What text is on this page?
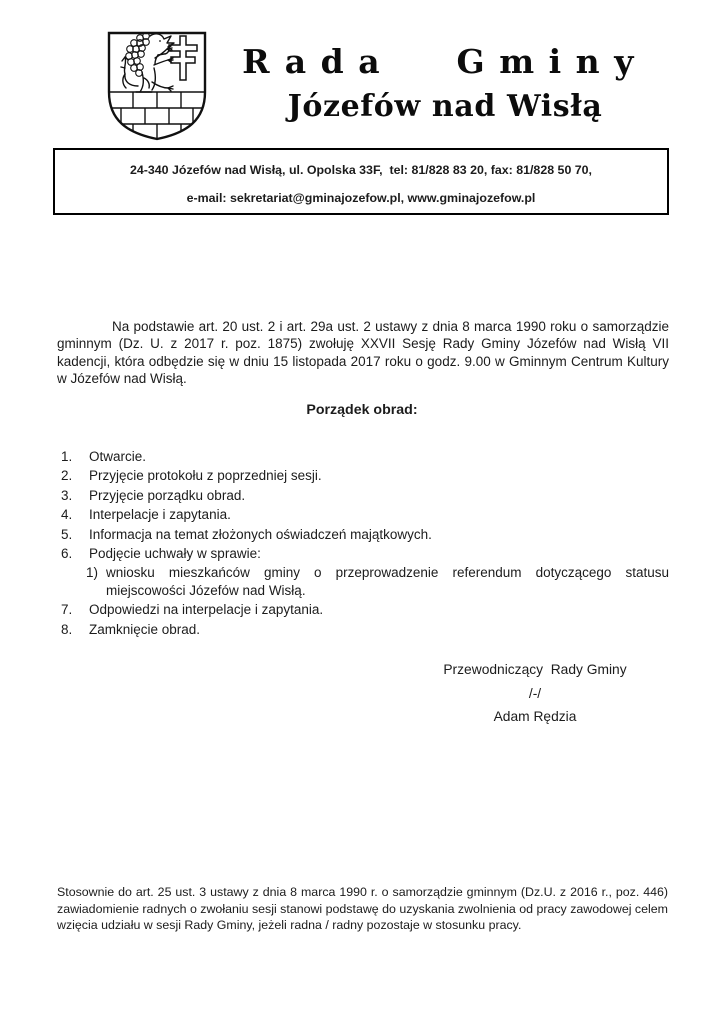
Rada Gminy
Józefów nad Wisłą
24-340 Józefów nad Wisłą, ul. Opolska 33F,  tel: 81/828 83 20, fax: 81/828 50 70,
e-mail: sekretariat@gminajozefow.pl, www.gminajozefow.pl

Na podstawie art. 20 ust. 2 i art. 29a ust. 2 ustawy z dnia 8 marca 1990 roku o samorządzie gminnym (Dz. U. z 2017 r. poz. 1875) zwołuję XXVII Sesję Rady Gminy Józefów nad Wisłą VII kadencji, która odbędzie się w dniu 15 listopada 2017 roku o godz. 9.00 w Gminnym Centrum Kultury w Józefów nad Wisłą.

Porządek obrad:
1.	Otwarcie.
2.	Przyjęcie protokołu z poprzedniej sesji.
3.	Przyjęcie porządku obrad.
4.	Interpelacje i zapytania.
5.	Informacja na temat złożonych oświadczeń majątkowych.
6.	Podjęcie uchwały w sprawie:
1) wniosku mieszkańców gminy o przeprowadzenie referendum dotyczącego statusu miejscowości Józefów nad Wisłą.
7.	Odpowiedzi na interpelacje i zapytania.
8.	Zamknięcie obrad.
Przewodniczący  Rady Gminy
/-/
Adam Rędzia

Stosownie do art. 25 ust. 3 ustawy z dnia 8 marca 1990 r. o samorządzie gminnym (Dz.U. z 2016 r., poz. 446) zawiadomienie radnych o zwołaniu sesji stanowi podstawę do uzyskania zwolnienia od pracy zawodowej celem wzięcia udziału w sesji Rady Gminy, jeżeli radna / radny pozostaje w stosunku pracy.
